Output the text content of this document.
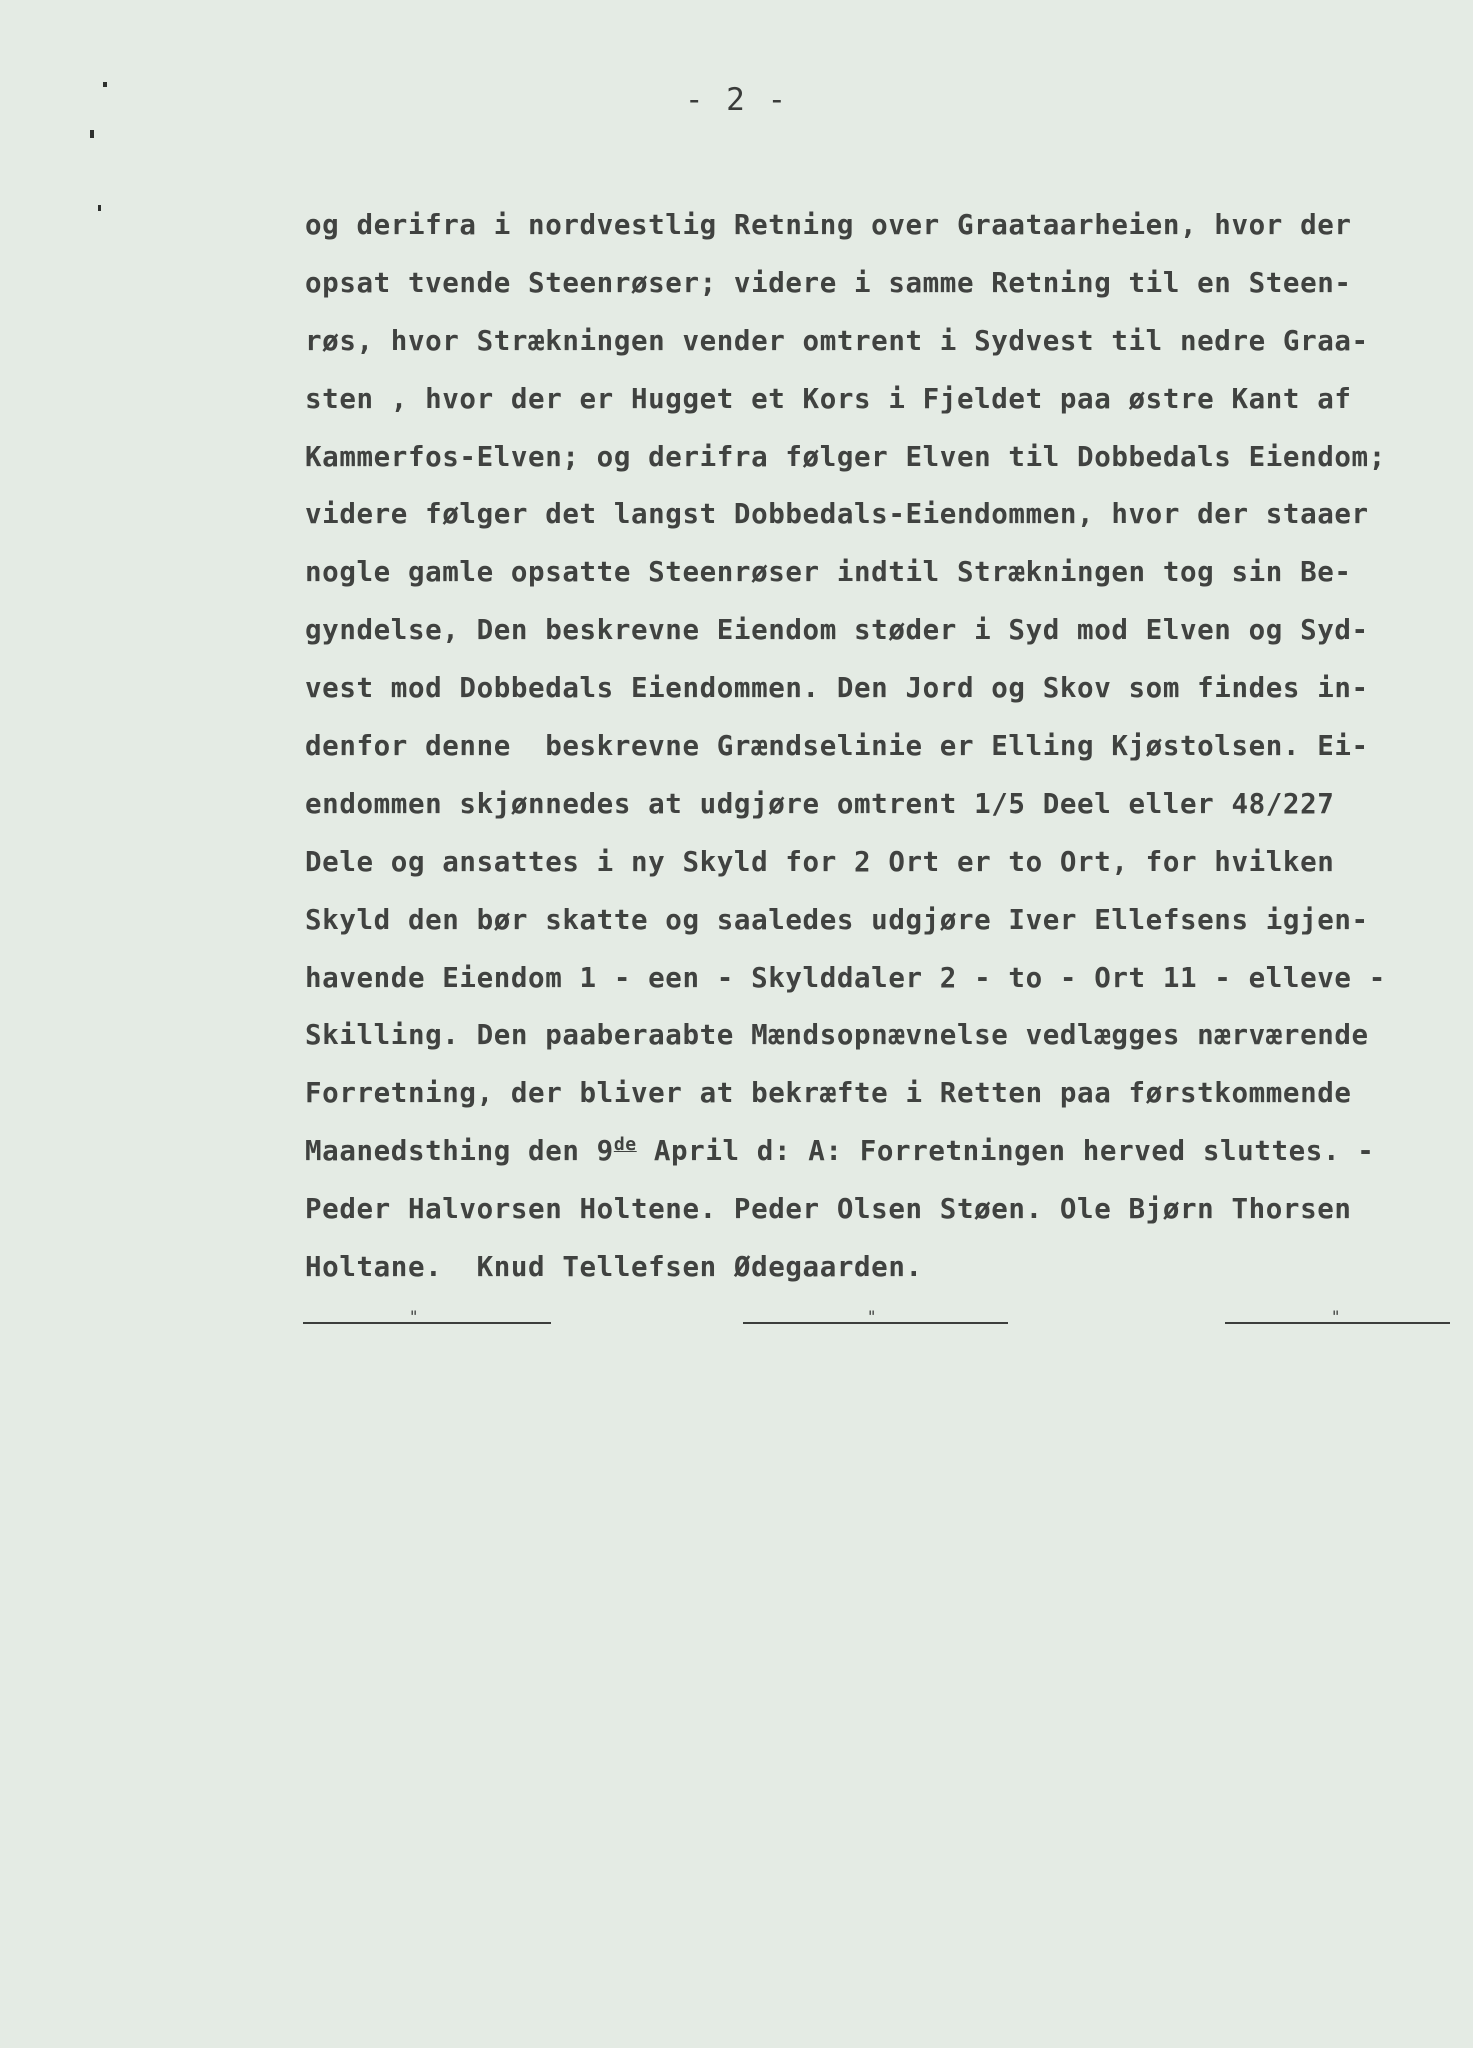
- 2 -
og derifra i nordvestlig Retning over Graataarheien, hvor der
opsat tvende Steenrøser; videre i samme Retning til en Steen-
røs, hvor Strækningen vender omtrent i Sydvest til nedre Graa-
sten , hvor der er Hugget et Kors i Fjeldet paa østre Kant af
Kammerfos-Elven; og derifra følger Elven til Dobbedals Eiendom;
videre følger det langst Dobbedals-Eiendommen, hvor der staaer
nogle gamle opsatte Steenrøser indtil Strækningen tog sin Be-
gyndelse, Den beskrevne Eiendom støder i Syd mod Elven og Syd-
vest mod Dobbedals Eiendommen. Den Jord og Skov som findes in-
denfor denne  beskrevne Grændselinie er Elling Kjøstolsen. Ei-
endommen skjønnedes at udgjøre omtrent 1/5 Deel eller 48/227
Dele og ansattes i ny Skyld for 2 Ort er to Ort, for hvilken
Skyld den bør skatte og saaledes udgjøre Iver Ellefsens igjen-
havende Eiendom 1 - een - Skylddaler 2 - to - Ort 11 - elleve -
Skilling. Den paaberaabte Mændsopnævnelse vedlægges nærværende
Forretning, der bliver at bekræfte i Retten paa førstkommende
Maanedsthing den 9de April d: A: Forretningen herved sluttes. -
Peder Halvorsen Holtene. Peder Olsen Støen. Ole Bjørn Thorsen
Holtane.  Knud Tellefsen Ødegaarden.
"	"	"
